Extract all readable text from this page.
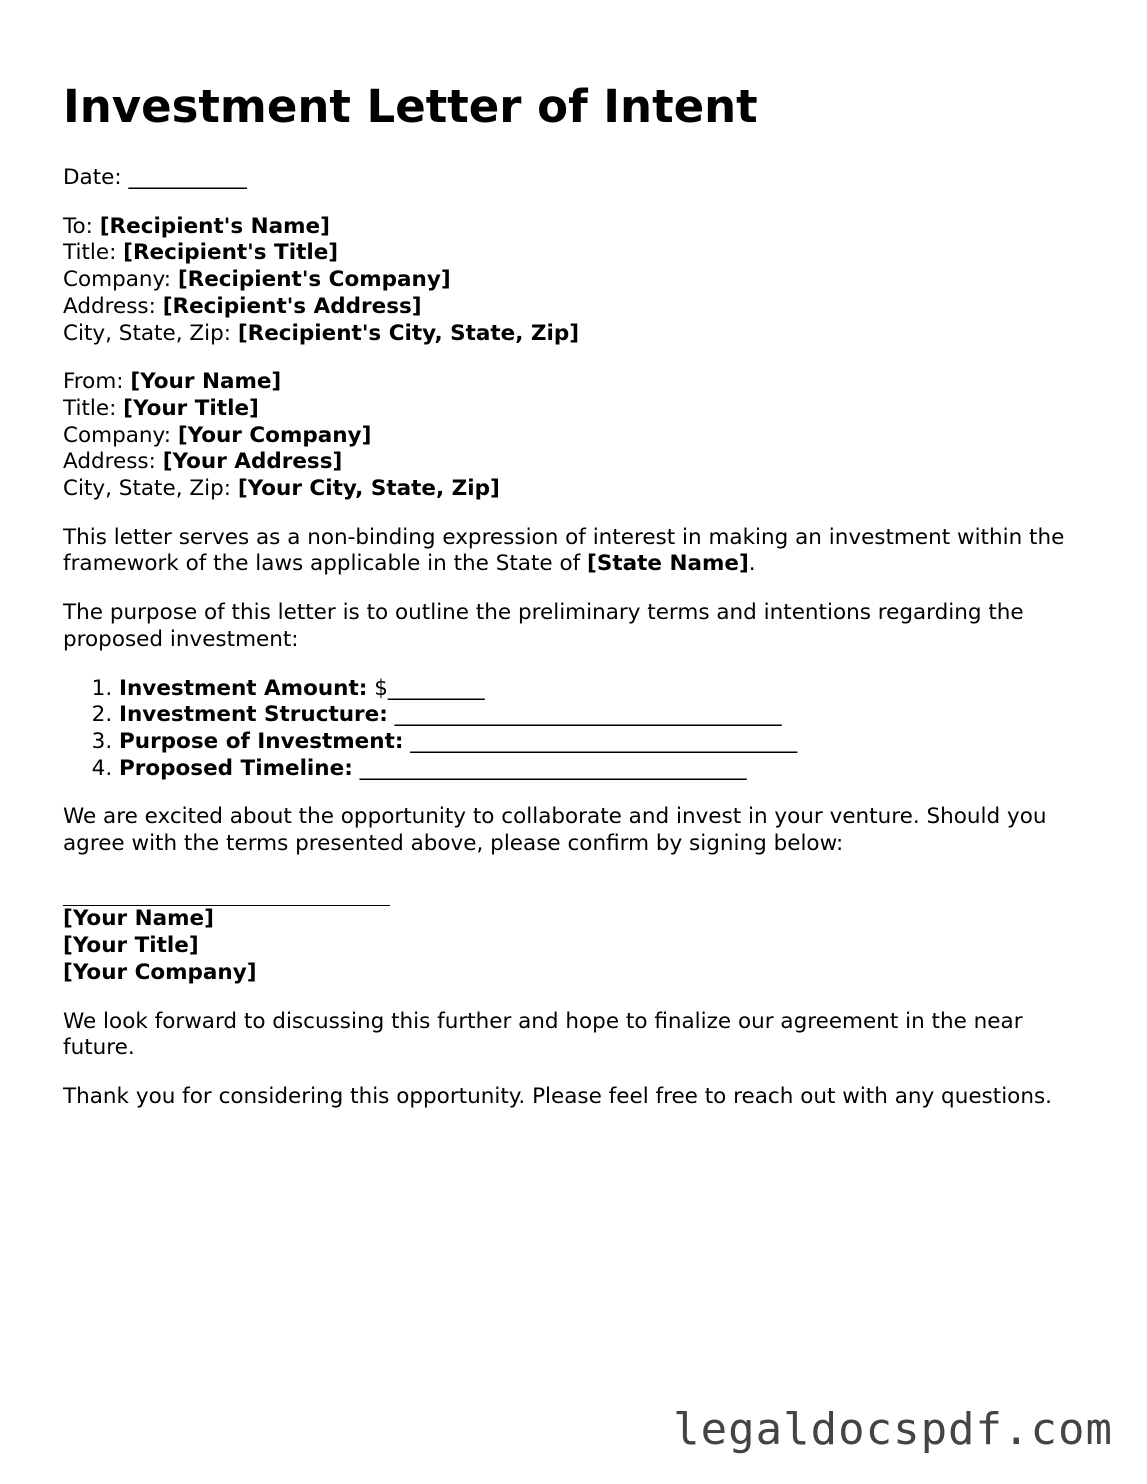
Investment Letter of Intent
Date: ___________
To: [Recipient's Name]
Title: [Recipient's Title]
Company: [Recipient's Company]
Address: [Recipient's Address]
City, State, Zip: [Recipient's City, State, Zip]
From: [Your Name]
Title: [Your Title]
Company: [Your Company]
Address: [Your Address]
City, State, Zip: [Your City, State, Zip]

This letter serves as a non-binding expression of interest in making an investment within the framework of the laws applicable in the State of [State Name].

The purpose of this letter is to outline the preliminary terms and intentions regarding the proposed investment:

1. Investment Amount: $_________
2. Investment Structure: ____________________________________
3. Purpose of Investment: ____________________________________
4. Proposed Timeline: ____________________________________

We are excited about the opportunity to collaborate and invest in your venture. Should you agree with the terms presented above, please confirm by signing below:

[Your Name]
[Your Title]
[Your Company]

We look forward to discussing this further and hope to finalize our agreement in the near future.

Thank you for considering this opportunity. Please feel free to reach out with any questions.

legaldocspdf.com
